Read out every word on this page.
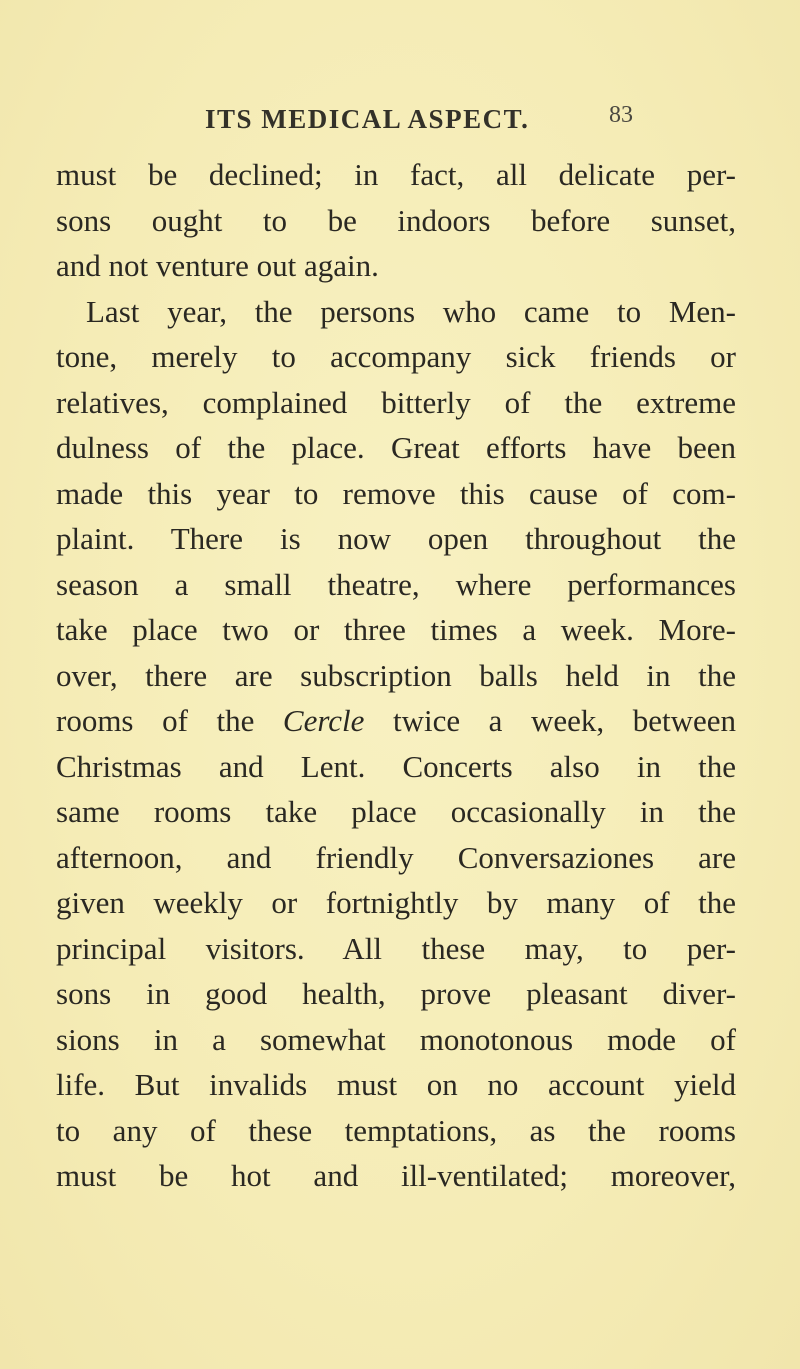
ITS MEDICAL ASPECT.	83
must be declined; in fact, all delicate per-
sons ought to be indoors before sunset,
and not venture out again.
Last year, the persons who came to Men-
tone, merely to accompany sick friends or
relatives, complained bitterly of the extreme
dulness of the place. Great efforts have been
made this year to remove this cause of com-
plaint. There is now open throughout the
season a small theatre, where performances
take place two or three times a week. More-
over, there are subscription balls held in the
rooms of the Cercle twice a week, between
Christmas and Lent. Concerts also in the
same rooms take place occasionally in the
afternoon, and friendly Conversaziones are
given weekly or fortnightly by many of the
principal visitors. All these may, to per-
sons in good health, prove pleasant diver-
sions in a somewhat monotonous mode of
life. But invalids must on no account yield
to any of these temptations, as the rooms
must be hot and ill-ventilated; moreover,
